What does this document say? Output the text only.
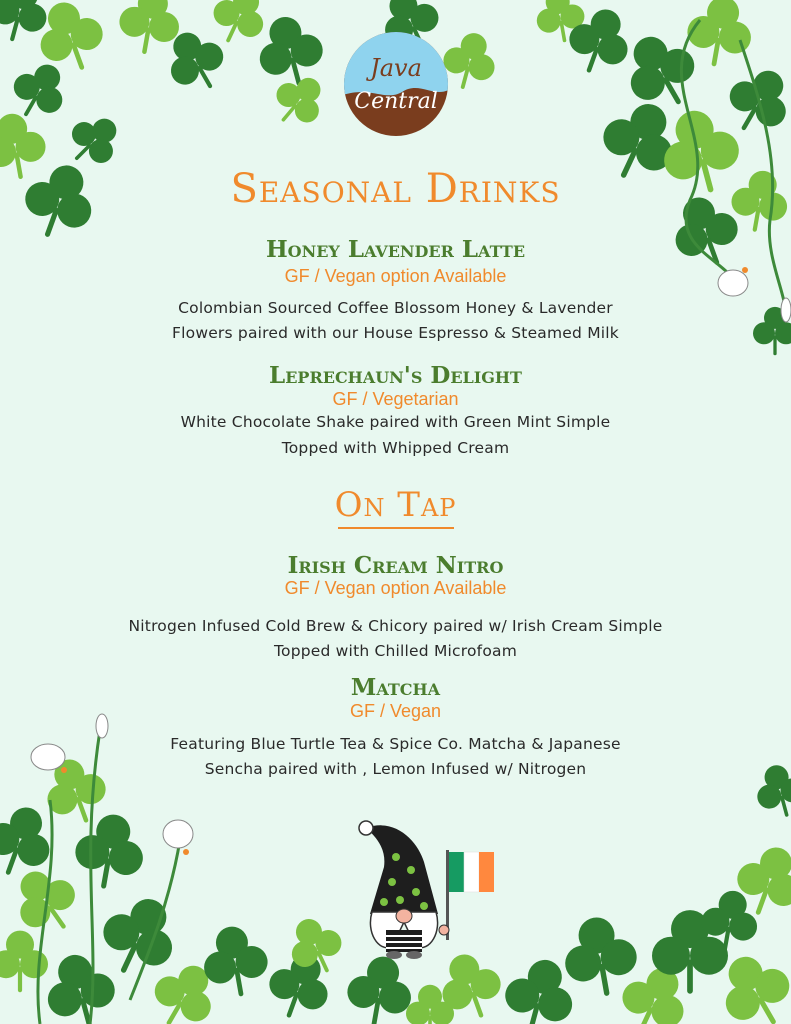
Java
Central
Seasonal Drinks
Honey Lavender Latte
GF / Vegan option Available
Colombian Sourced Coffee Blossom Honey & Lavender
Flowers paired with our House Espresso & Steamed Milk
Leprechaun's Delight
GF / Vegetarian
White Chocolate Shake paired with Green Mint Simple
Topped with Whipped Cream
On Tap
Irish Cream Nitro
GF / Vegan option Available
Nitrogen Infused Cold Brew & Chicory paired w/ Irish Cream Simple
Topped with Chilled Microfoam
Matcha
GF / Vegan
Featuring Blue Turtle Tea & Spice Co. Matcha & Japanese
Sencha paired with , Lemon Infused w/ Nitrogen
